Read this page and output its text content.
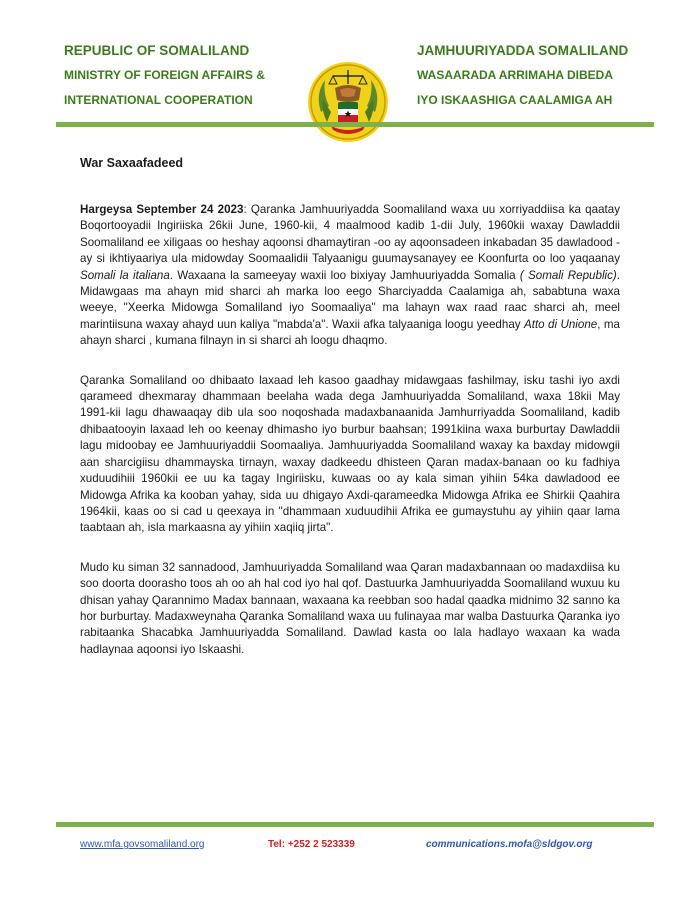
REPUBLIC OF SOMALILAND
MINISTRY OF FOREIGN AFFAIRS &
INTERNATIONAL COOPERATION
JAMHUURIYADDA SOMALILAND
WASAARADA ARRIMAHA DIBEDA
IYO ISKAASHIGA CAALAMIGA AH
War Saxaafadeed

Hargeysa September 24 2023: Qaranka Jamhuuriyadda Soomaliland waxa uu xorriyaddiisa ka qaatay Boqortooyadii Ingiriiska 26kii June, 1960-kii, 4 maalmood kadib 1-dii July, 1960kii waxay Dawladdii Soomaliland ee xiligaas oo heshay aqoonsi dhamaytiran -oo ay aqoonsadeen inkabadan 35 dawladood - ay si ikhtiyaariya ula midowday Soomaalidii Talyaanigu guumaysanayey ee Koonfurta oo loo yaqaanay Somali la italiana. Waxaana la sameeyay waxii loo bixiyay Jamhuuriyadda Somalia ( Somali Republic). Midawgaas ma ahayn mid sharci ah marka loo eego Sharciyadda Caalamiga ah, sababtuna waxa weeye, "Xeerka Midowga Somaliland iyo Soomaaliya" ma lahayn wax raad raac sharci ah, meel marintiisuna waxay ahayd uun kaliya "mabda'a". Waxii afka talyaaniga loogu yeedhay Atto di Unione, ma ahayn sharci , kumana filnayn in si sharci ah loogu dhaqmo.

Qaranka Somaliland oo dhibaato laxaad leh kasoo gaadhay midawgaas fashilmay, isku tashi iyo axdi qarameed dhexmaray dhammaan beelaha wada dega Jamhuuriyadda Somaliland, waxa 18kii May 1991-kii lagu dhawaaqay dib ula soo noqoshada madaxbanaanida Jamhurriyadda Soomaliland, kadib dhibaatooyin laxaad leh oo keenay dhimasho iyo burbur baahsan; 1991kiina waxa burburtay Dawladdii lagu midoobay ee Jamhuuriyaddii Soomaaliya. Jamhuuriyadda Soomaliland waxay ka baxday midowgii aan sharcigiisu dhammayska tirnayn, waxay dadkeedu dhisteen Qaran madax-banaan oo ku fadhiya xuduudihiii 1960kii ee uu ka tagay Ingiriisku, kuwaas oo ay kala siman yihiin 54ka dawladood ee Midowga Afrika ka kooban yahay, sida uu dhigayo Axdi-qarameedka Midowga Afrika ee Shirkii Qaahira 1964kii, kaas oo si cad u qeexaya in "dhammaan xuduudihii Afrika ee gumaystuhu ay yihiin qaar lama taabtaan ah, isla markaasna ay yihiin xaqiiq jirta".

Mudo ku siman 32 sannadood, Jamhuuriyadda Somaliland waa Qaran madaxbannaan oo madaxdiisa ku soo doorta doorasho toos ah oo ah hal cod iyo hal qof. Dastuurka Jamhuuriyadda Soomaliland wuxuu ku dhisan yahay Qarannimo Madax bannaan, waxaana ka reebban soo hadal qaadka midnimo 32 sanno ka hor burburtay. Madaxweynaha Qaranka Somaliland waxa uu fulinayaa mar walba Dastuurka Qaranka iyo rabitaanka Shacabka Jamhuuriyadda Somaliland. Dawlad kasta oo lala hadlayo waxaan ka wada hadlaynaa aqoonsi iyo Iskaashi.

www.mfa.govsomaliland.org	Tel: +252 2 523339	communications.mofa@sldgov.org
